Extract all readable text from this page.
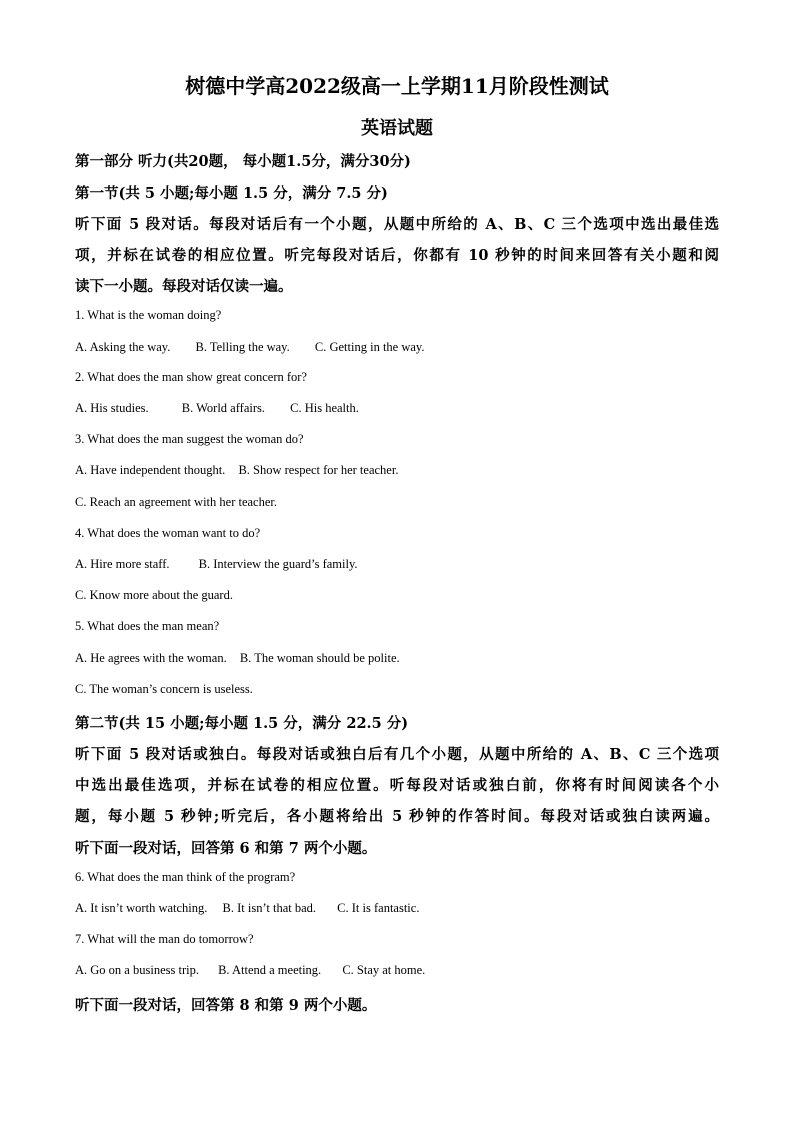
树德中学高2022级高一上学期11月阶段性测试
英语试题
第一部分 听力(共20题， 每小题1.5分，满分30分)
第一节(共 5 小题;每小题 1.5 分，满分 7.5 分)
听下面 5 段对话。每段对话后有一个小题，从题中所给的 A、B、C 三个选项中选出最佳选
项，并标在试卷的相应位置。听完每段对话后，你都有 10 秒钟的时间来回答有关小题和阅
读下一小题。每段对话仅读一遍。
1. What is the woman doing?
A. Asking the way. B. Telling the way. C. Getting in the way.
2. What does the man show great concern for?
A. His studies.	B. World affairs. C. His health.
3. What does the man suggest the woman do?
A. Have independent thought. B. Show respect for her teacher.
C. Reach an agreement with her teacher.
4. What does the woman want to do?
A. Hire more staff. B. Interview the guard’s family.
C. Know more about the guard.
5. What does the man mean?
A. He agrees with the woman. B. The woman should be polite.
C. The woman’s concern is useless.
第二节(共 15 小题;每小题 1.5 分，满分 22.5 分)
听下面 5 段对话或独白。每段对话或独白后有几个小题，从题中所给的 A、B、C 三个选项
中选出最佳选项，并标在试卷的相应位置。听每段对话或独白前，你将有时间阅读各个小
题，每小题 5 秒钟;听完后，各小题将给出 5 秒钟的作答时间。每段对话或独白读两遍。
听下面一段对话，回答第 6 和第 7 两个小题。
6. What does the man think of the program?
A. It isn’t worth watching. B. It isn’t that bad. C. It is fantastic.
7. What will the man do tomorrow?
A. Go on a business trip. B. Attend a meeting. C. Stay at home.
听下面一段对话，回答第 8 和第 9 两个小题。
